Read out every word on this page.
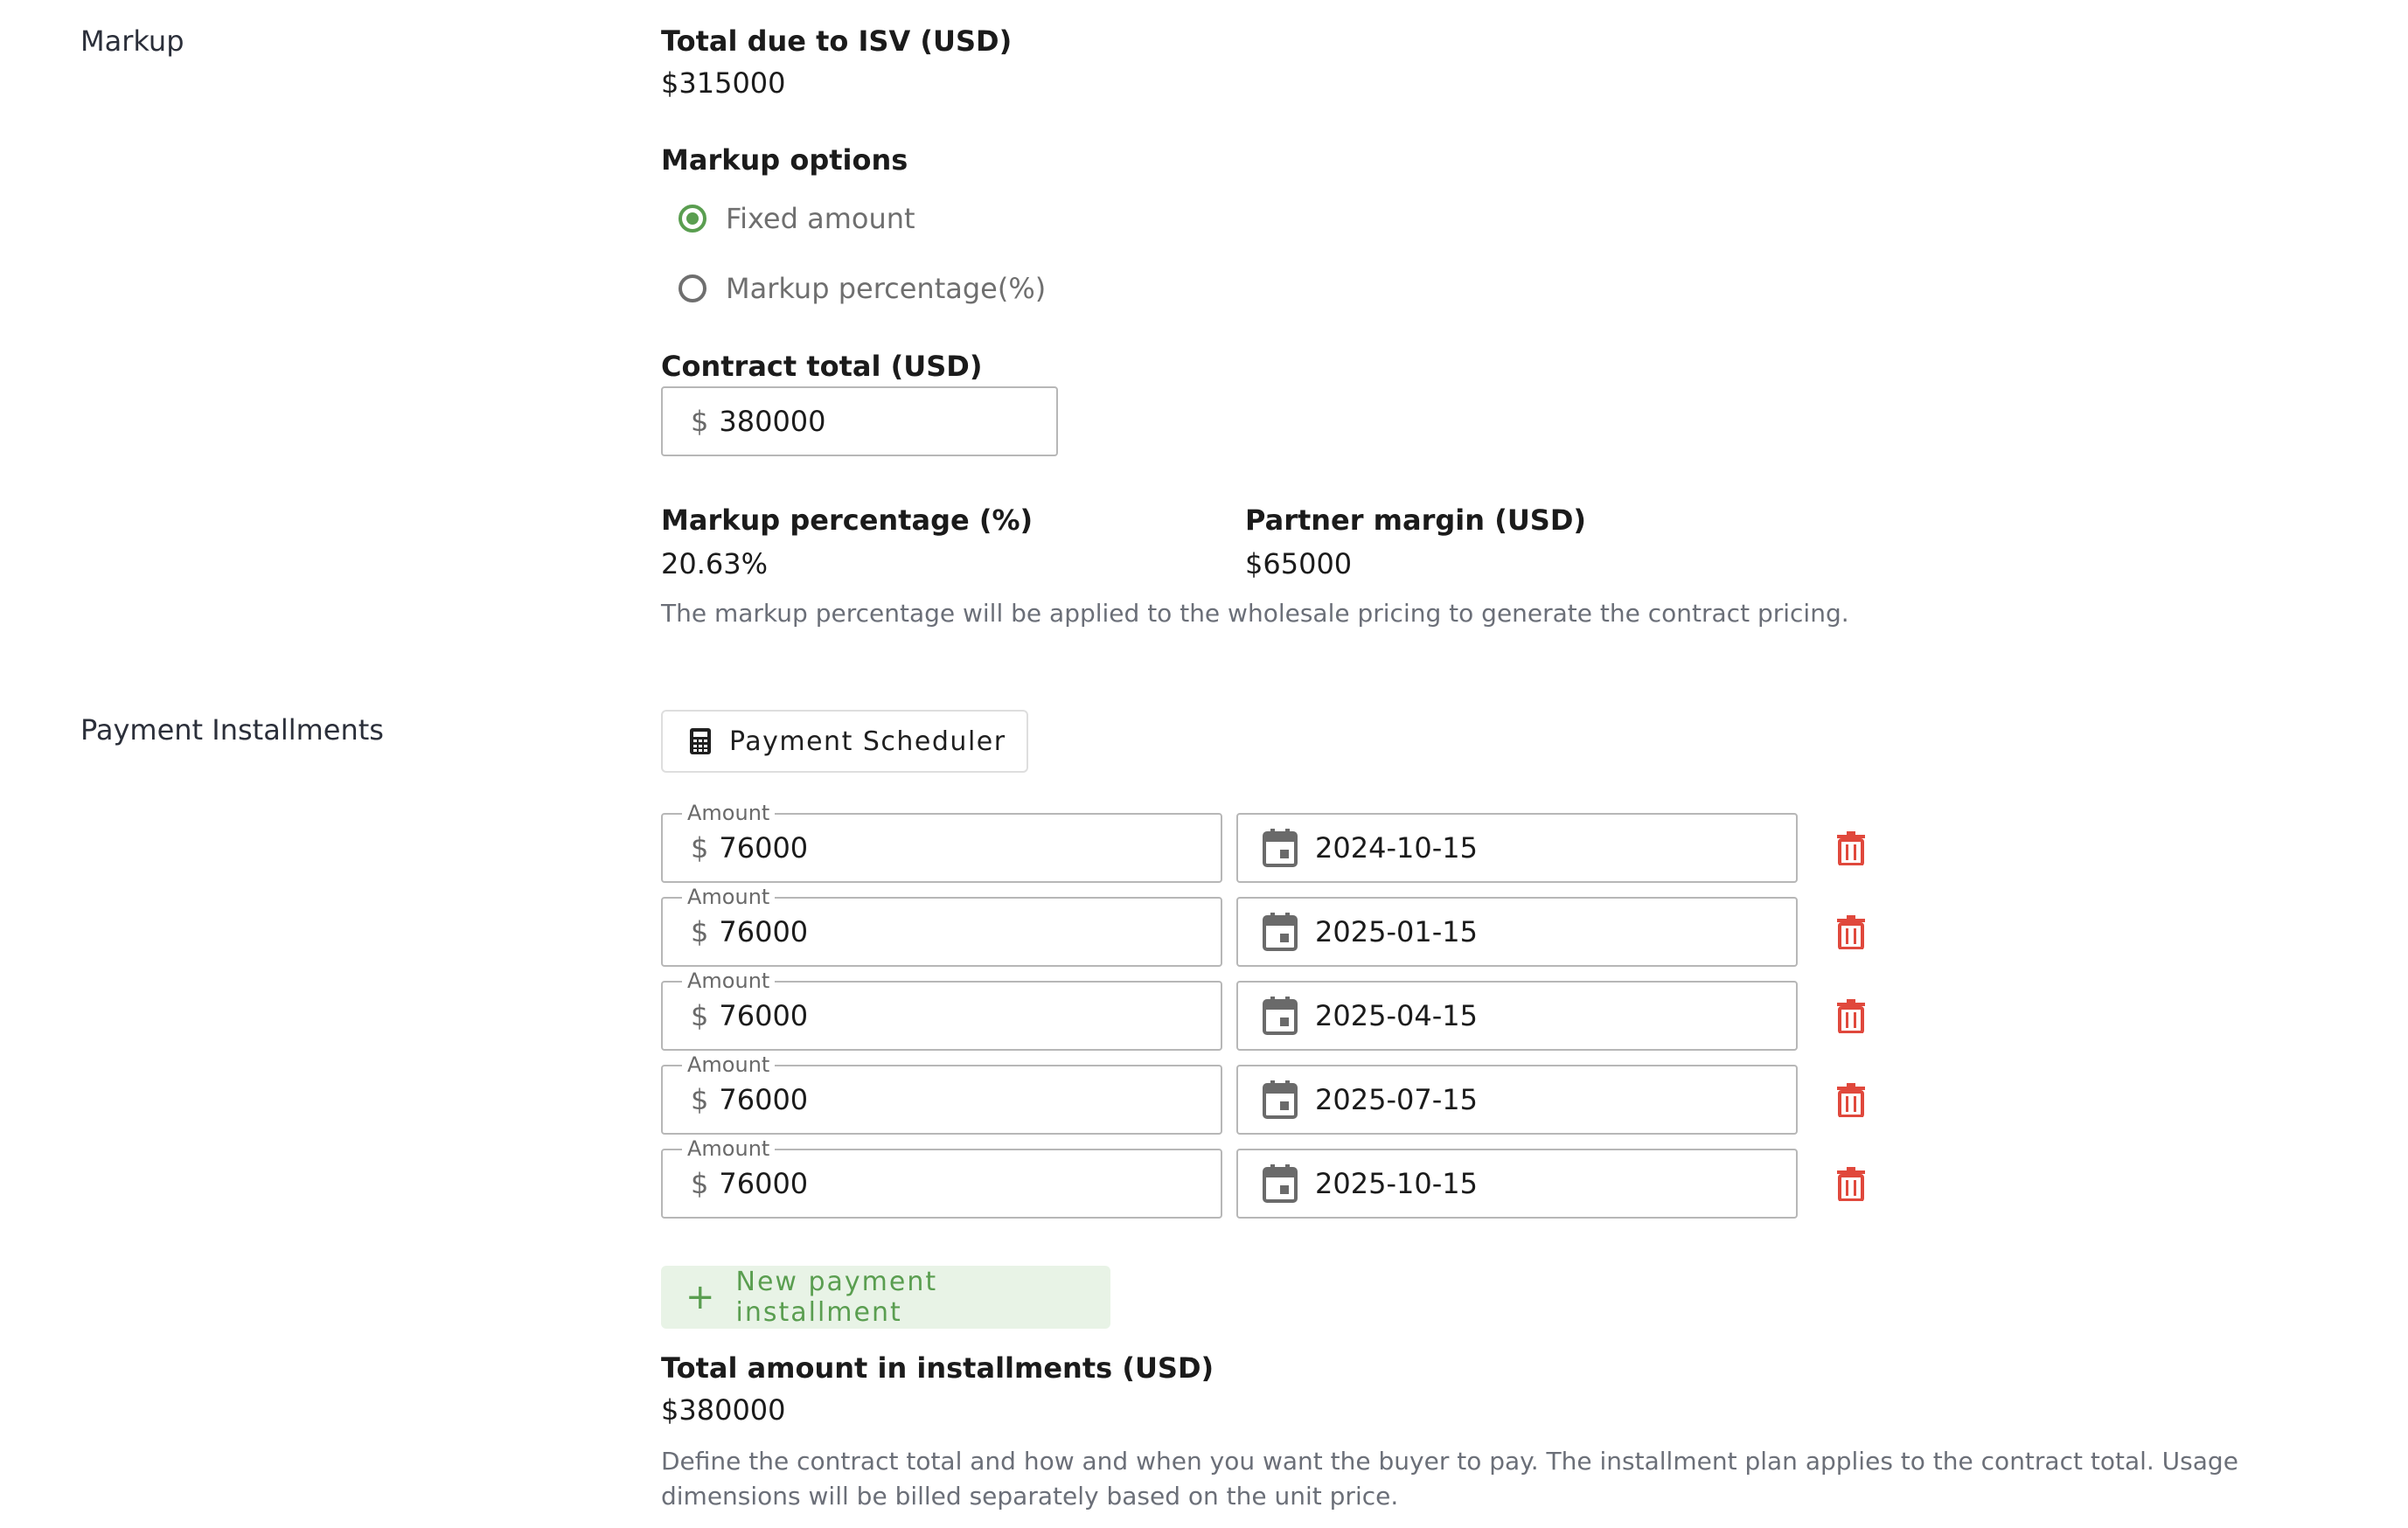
Markup	Total due to ISV (USD)
$315000
Markup options
Fixed amount
Markup percentage(%)
Contract total (USD)
$ 380000
Markup percentage (%)
20.63%
Partner margin (USD)
$65000
The markup percentage will be applied to the wholesale pricing to generate the contract pricing.
Payment Installments	Payment Scheduler
Amount
$ 76000	2024-10-15
Amount
$ 76000	2025-01-15
Amount
$ 76000	2025-04-15
Amount
$ 76000	2025-07-15
Amount
$ 76000	2025-10-15
+ New payment installment
Total amount in installments (USD)
$380000
Define the contract total and how and when you want the buyer to pay. The installment plan applies to the contract total. Usage dimensions will be billed separately based on the unit price.
